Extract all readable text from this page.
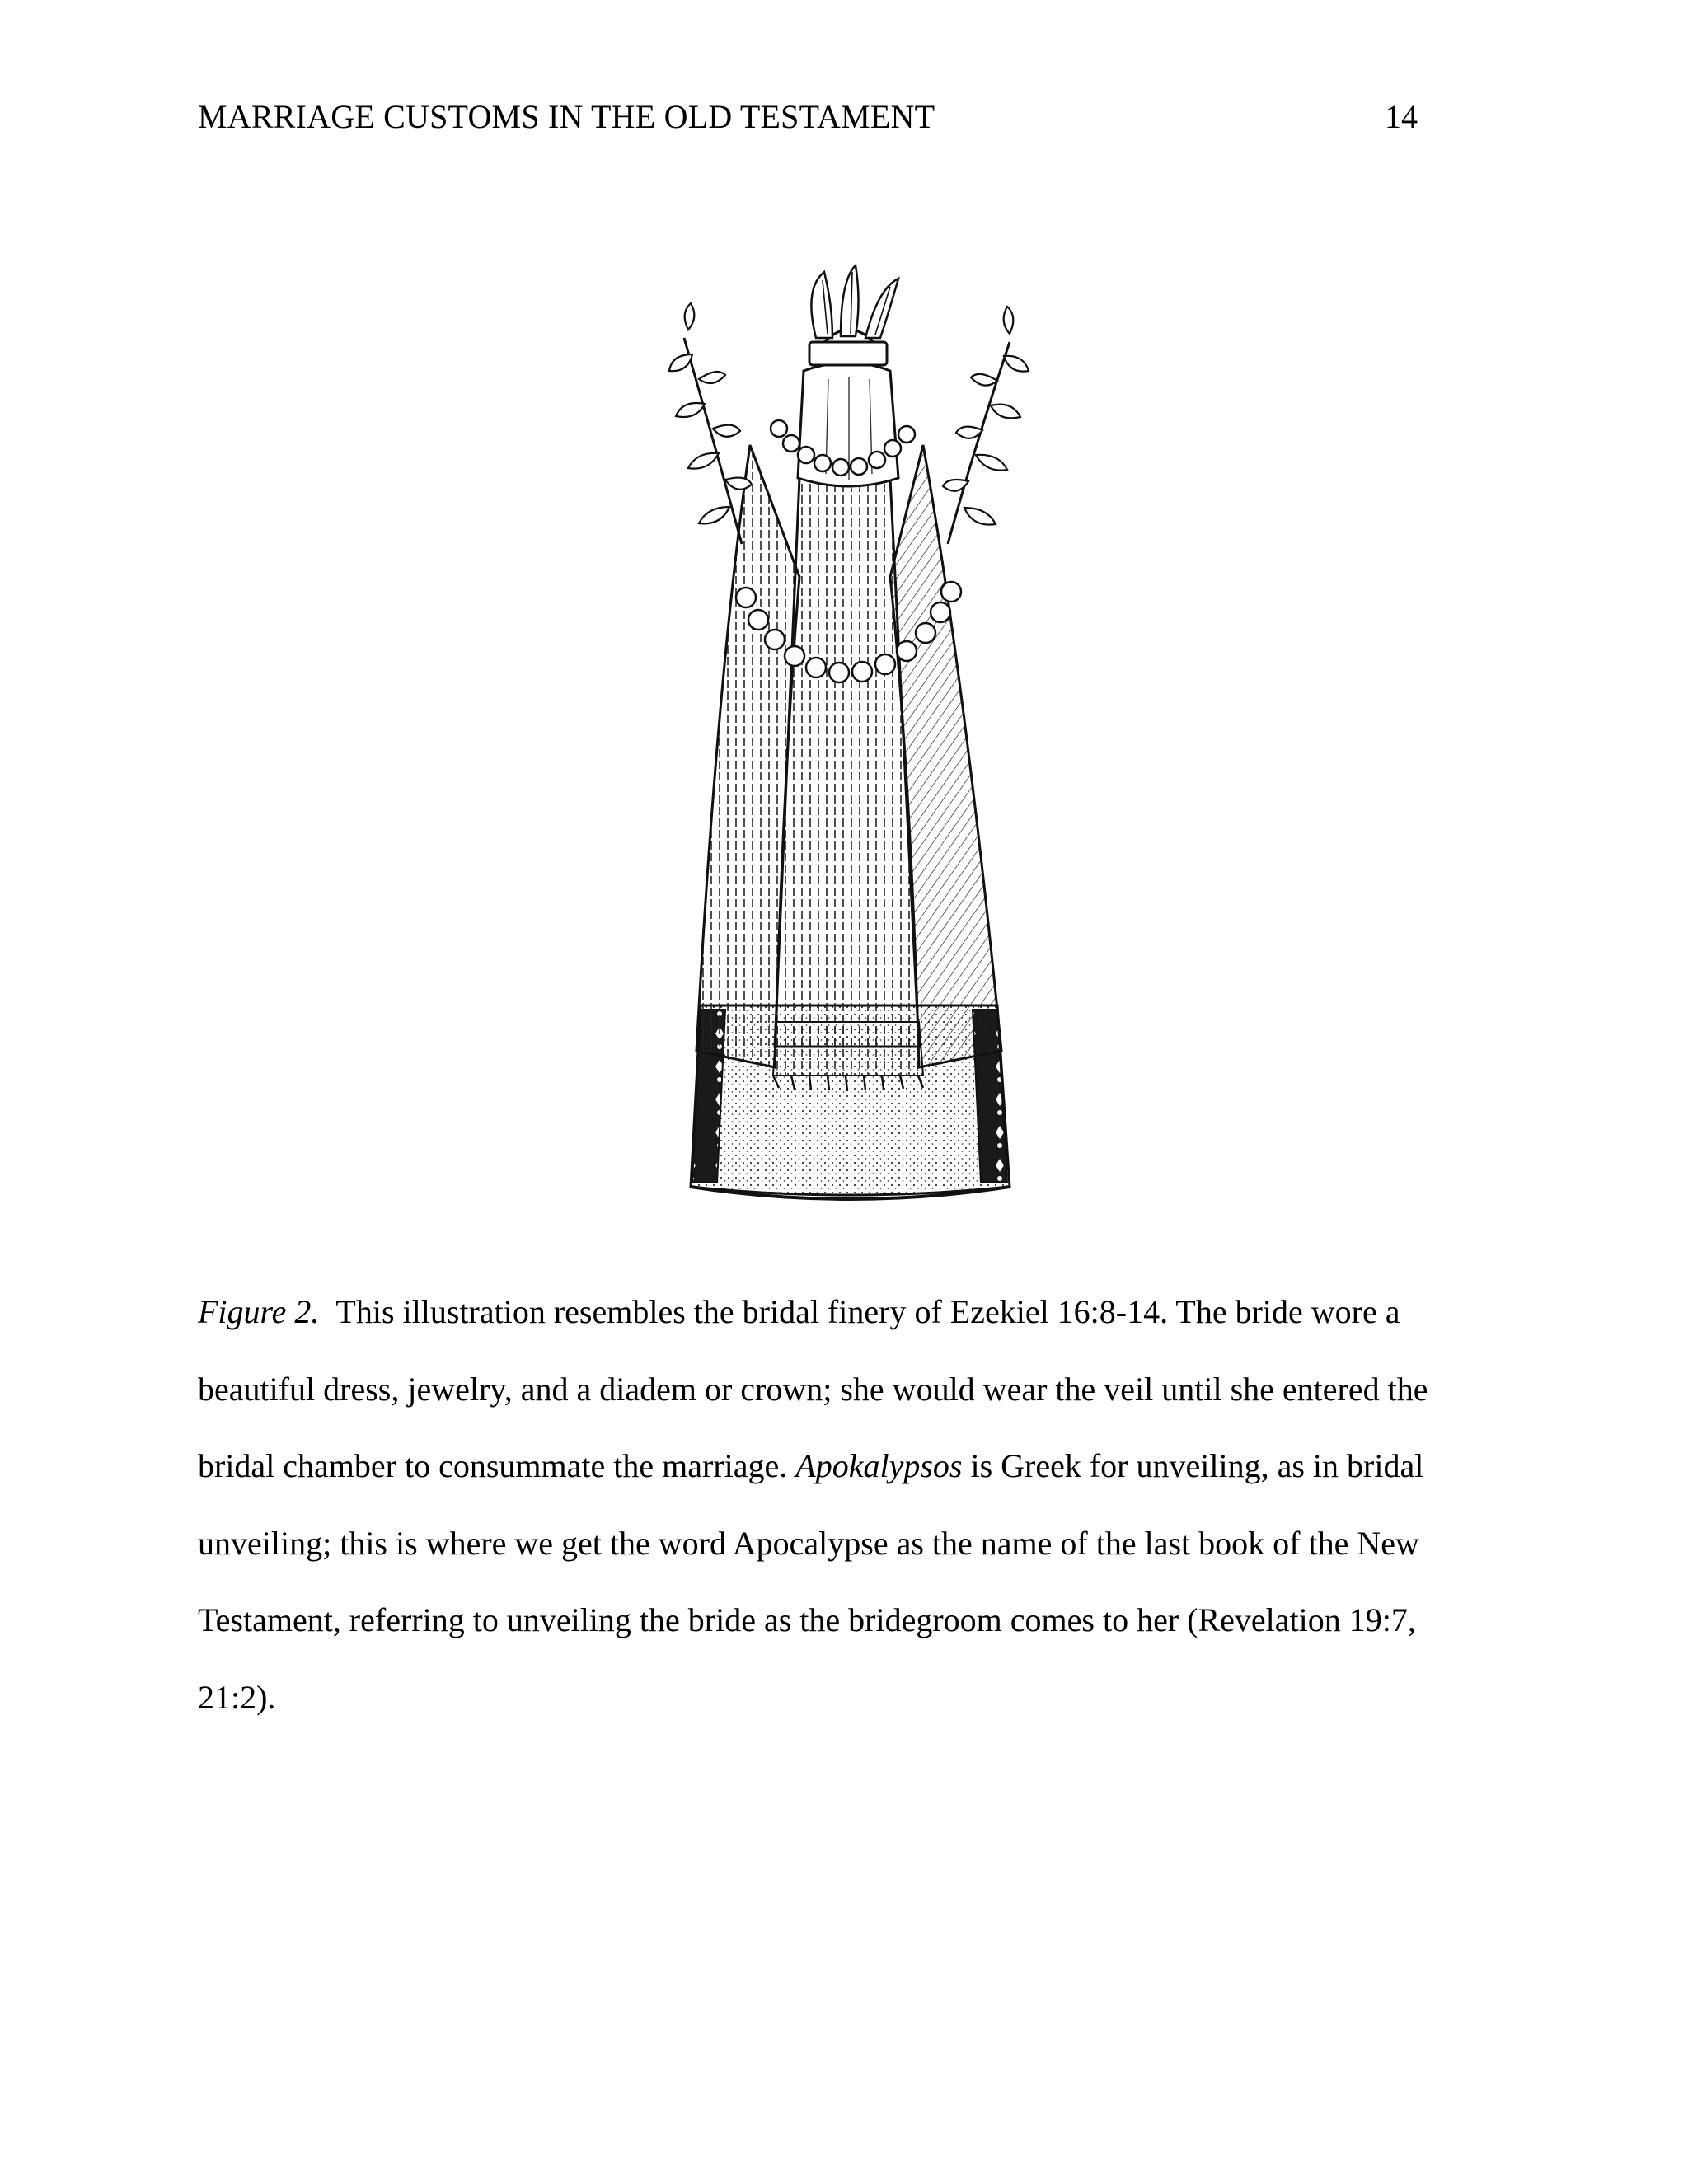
MARRIAGE CUSTOMS IN THE OLD TESTAMENT	14
Figure 2. This illustration resembles the bridal finery of Ezekiel 16:8-14. The bride wore a
beautiful dress, jewelry, and a diadem or crown; she would wear the veil until she entered the
bridal chamber to consummate the marriage. Apokalypsos is Greek for unveiling, as in bridal
unveiling; this is where we get the word Apocalypse as the name of the last book of the New
Testament, referring to unveiling the bride as the bridegroom comes to her (Revelation 19:7,
21:2).
